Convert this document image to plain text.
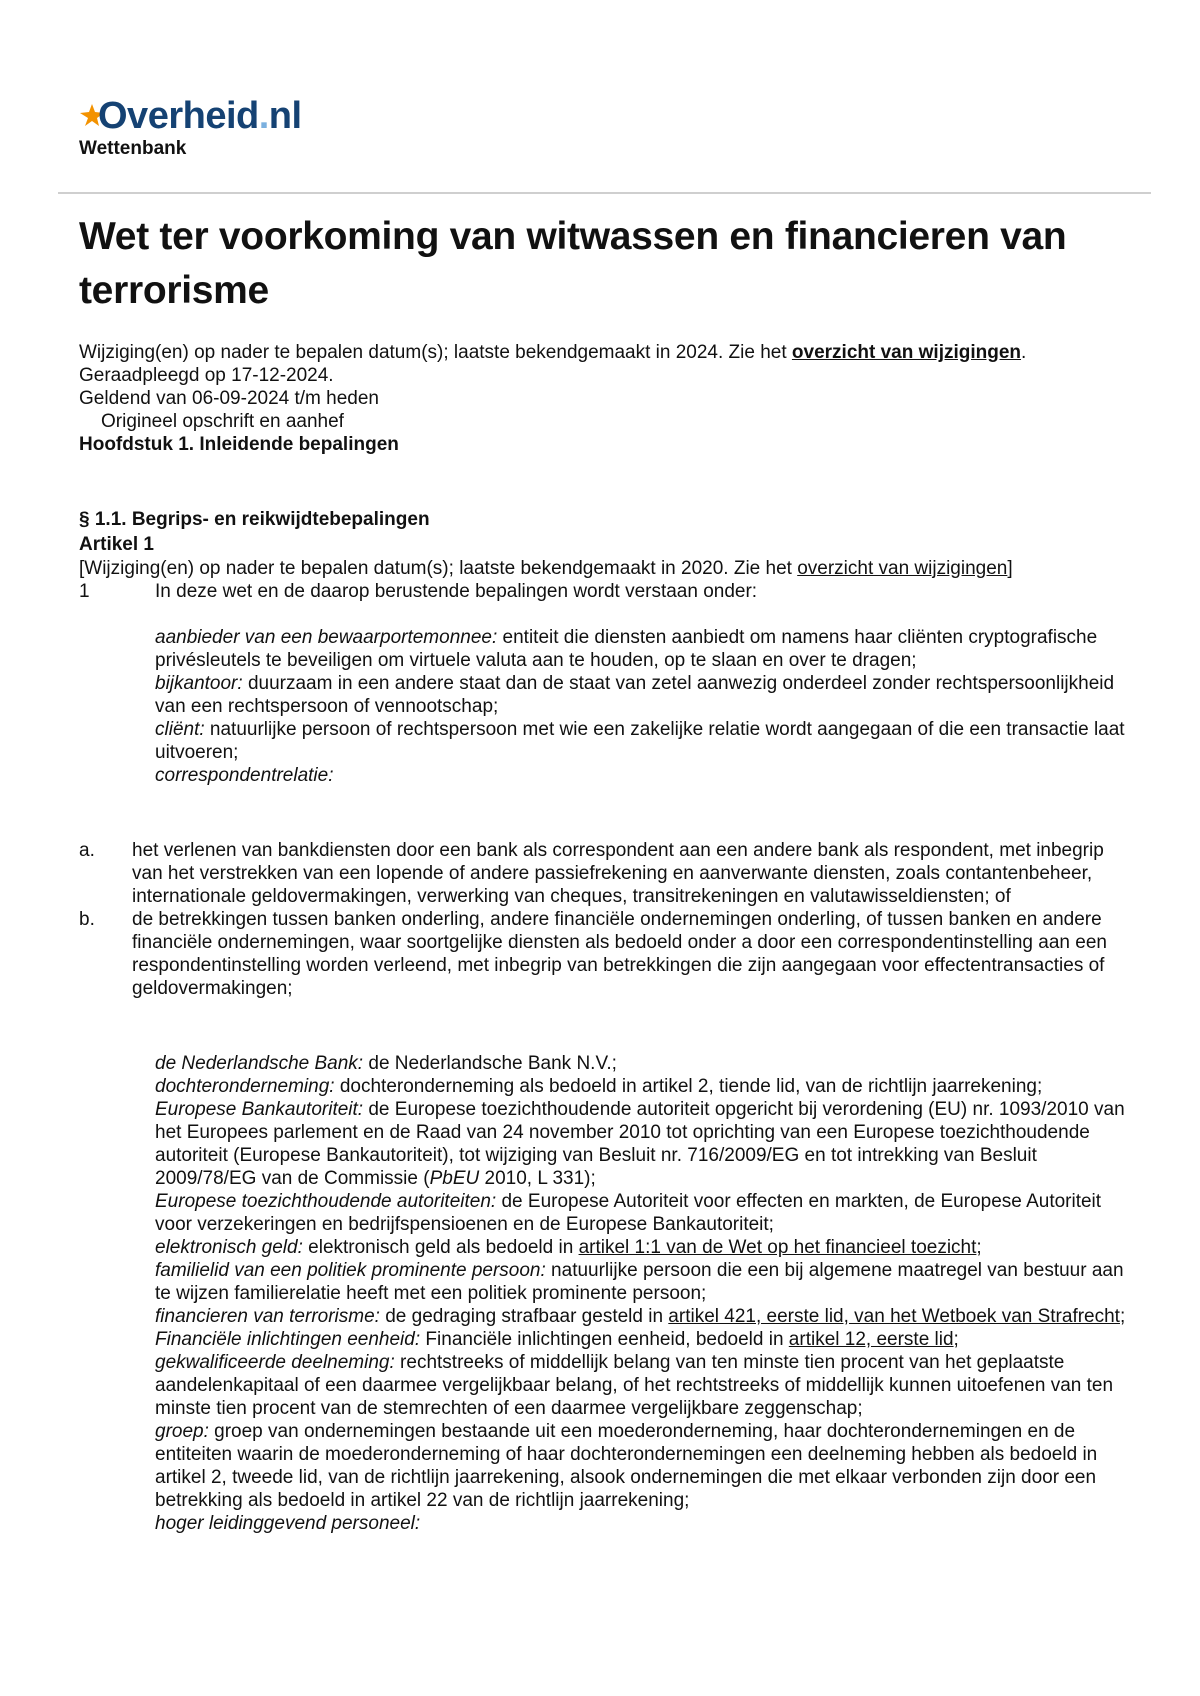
Overheid.nl
Wettenbank
Wet ter voorkoming van witwassen en financieren van terrorisme
Wijziging(en) op nader te bepalen datum(s); laatste bekendgemaakt in 2024. Zie het overzicht van wijzigingen.
Geraadpleegd op 17-12-2024.
Geldend van 06-09-2024 t/m heden
Origineel opschrift en aanhef
Hoofdstuk 1. Inleidende bepalingen
§ 1.1. Begrips- en reikwijdtebepalingen
Artikel 1
[Wijziging(en) op nader te bepalen datum(s); laatste bekendgemaakt in 2020. Zie het overzicht van wijzigingen]
1	In deze wet en de daarop berustende bepalingen wordt verstaan onder:
aanbieder van een bewaarportemonnee: entiteit die diensten aanbiedt om namens haar cliënten cryptografische privésleutels te beveiligen om virtuele valuta aan te houden, op te slaan en over te dragen;
bijkantoor: duurzaam in een andere staat dan de staat van zetel aanwezig onderdeel zonder rechtspersoonlijkheid van een rechtspersoon of vennootschap;
cliënt: natuurlijke persoon of rechtspersoon met wie een zakelijke relatie wordt aangegaan of die een transactie laat uitvoeren;
correspondentrelatie:
a. het verlenen van bankdiensten door een bank als correspondent aan een andere bank als respondent, met inbegrip van het verstrekken van een lopende of andere passiefrekening en aanverwante diensten, zoals contantenbeheer, internationale geldovermakingen, verwerking van cheques, transitrekeningen en valutawisseldiensten; of
b. de betrekkingen tussen banken onderling, andere financiële ondernemingen onderling, of tussen banken en andere financiële ondernemingen, waar soortgelijke diensten als bedoeld onder a door een correspondentinstelling aan een respondentinstelling worden verleend, met inbegrip van betrekkingen die zijn aangegaan voor effectentransacties of geldovermakingen;
de Nederlandsche Bank: de Nederlandsche Bank N.V.;
dochteronderneming: dochteronderneming als bedoeld in artikel 2, tiende lid, van de richtlijn jaarrekening;
Europese Bankautoriteit: de Europese toezichthoudende autoriteit opgericht bij verordening (EU) nr. 1093/2010 van het Europees parlement en de Raad van 24 november 2010 tot oprichting van een Europese toezichthoudende autoriteit (Europese Bankautoriteit), tot wijziging van Besluit nr. 716/2009/EG en tot intrekking van Besluit 2009/78/EG van de Commissie (PbEU 2010, L 331);
Europese toezichthoudende autoriteiten: de Europese Autoriteit voor effecten en markten, de Europese Autoriteit voor verzekeringen en bedrijfspensioenen en de Europese Bankautoriteit;
elektronisch geld: elektronisch geld als bedoeld in artikel 1:1 van de Wet op het financieel toezicht;
familielid van een politiek prominente persoon: natuurlijke persoon die een bij algemene maatregel van bestuur aan te wijzen familierelatie heeft met een politiek prominente persoon;
financieren van terrorisme: de gedraging strafbaar gesteld in artikel 421, eerste lid, van het Wetboek van Strafrecht;
Financiële inlichtingen eenheid: Financiële inlichtingen eenheid, bedoeld in artikel 12, eerste lid;
gekwalificeerde deelneming: rechtstreeks of middellijk belang van ten minste tien procent van het geplaatste aandelenkapitaal of een daarmee vergelijkbaar belang, of het rechtstreeks of middellijk kunnen uitoefenen van ten minste tien procent van de stemrechten of een daarmee vergelijkbare zeggenschap;
groep: groep van ondernemingen bestaande uit een moederonderneming, haar dochterondernemingen en de entiteiten waarin de moederonderneming of haar dochterondernemingen een deelneming hebben als bedoeld in artikel 2, tweede lid, van de richtlijn jaarrekening, alsook ondernemingen die met elkaar verbonden zijn door een betrekking als bedoeld in artikel 22 van de richtlijn jaarrekening;
hoger leidinggevend personeel:
